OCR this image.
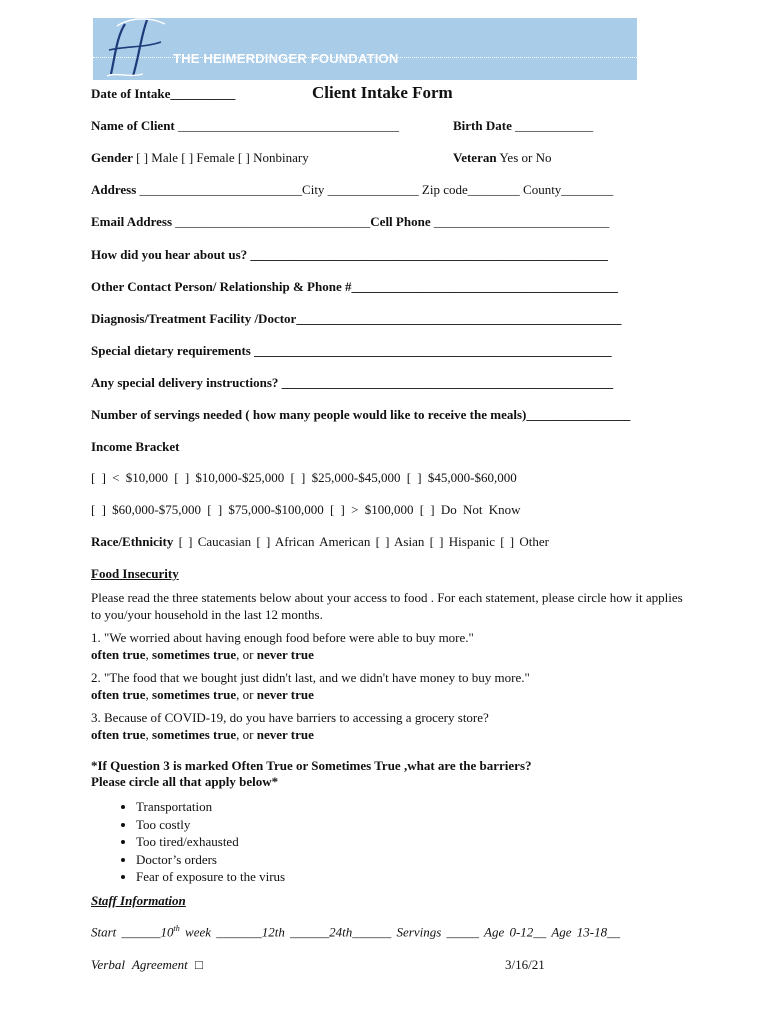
THE HEIMERDINGER FOUNDATION
Date of Intake__________	Client Intake Form
Name of Client __________________________________	Birth Date ____________
Gender [ ] Male [ ] Female [ ] Nonbinary	Veteran Yes or No
Address _________________________City ______________ Zip code________ County________
Email Address ______________________________Cell Phone ___________________________
How did you hear about us? _______________________________________________________
Other Contact Person/ Relationship & Phone #_________________________________________
Diagnosis/Treatment Facility /Doctor__________________________________________________
Special dietary requirements _______________________________________________________
Any special delivery instructions? ___________________________________________________
Number of servings needed ( how many people would like to receive the meals)________________
Income Bracket
[ ] < $10,000 [ ] $10,000-$25,000 [ ] $25,000-$45,000 [ ] $45,000-$60,000
[ ] $60,000-$75,000 [ ] $75,000-$100,000 [ ] > $100,000 [ ] Do Not Know
Race/Ethnicity [ ] Caucasian [ ] African American [ ] Asian [ ] Hispanic [ ] Other
Food Insecurity
Please read the three statements below about your access to food . For each statement, please circle how it applies to you/your household in the last 12 months.
1. "We worried about having enough food before were able to buy more."
often true, sometimes true, or never true
2. "The food that we bought just didn't last, and we didn't have money to buy more."
often true, sometimes true, or never true
3. Because of COVID-19, do you have barriers to accessing a grocery store?
often true, sometimes true, or never true
*If Question 3 is marked Often True or Sometimes True ,what are the barriers?
Please circle all that apply below*
• Transportation
• Too costly
• Too tired/exhausted
• Doctor’s orders
• Fear of exposure to the virus
Staff Information
Start ______10th week _______12th ______24th______ Servings _____ Age 0-12__ Age 13-18__
Verbal Agreement □	3/16/21
